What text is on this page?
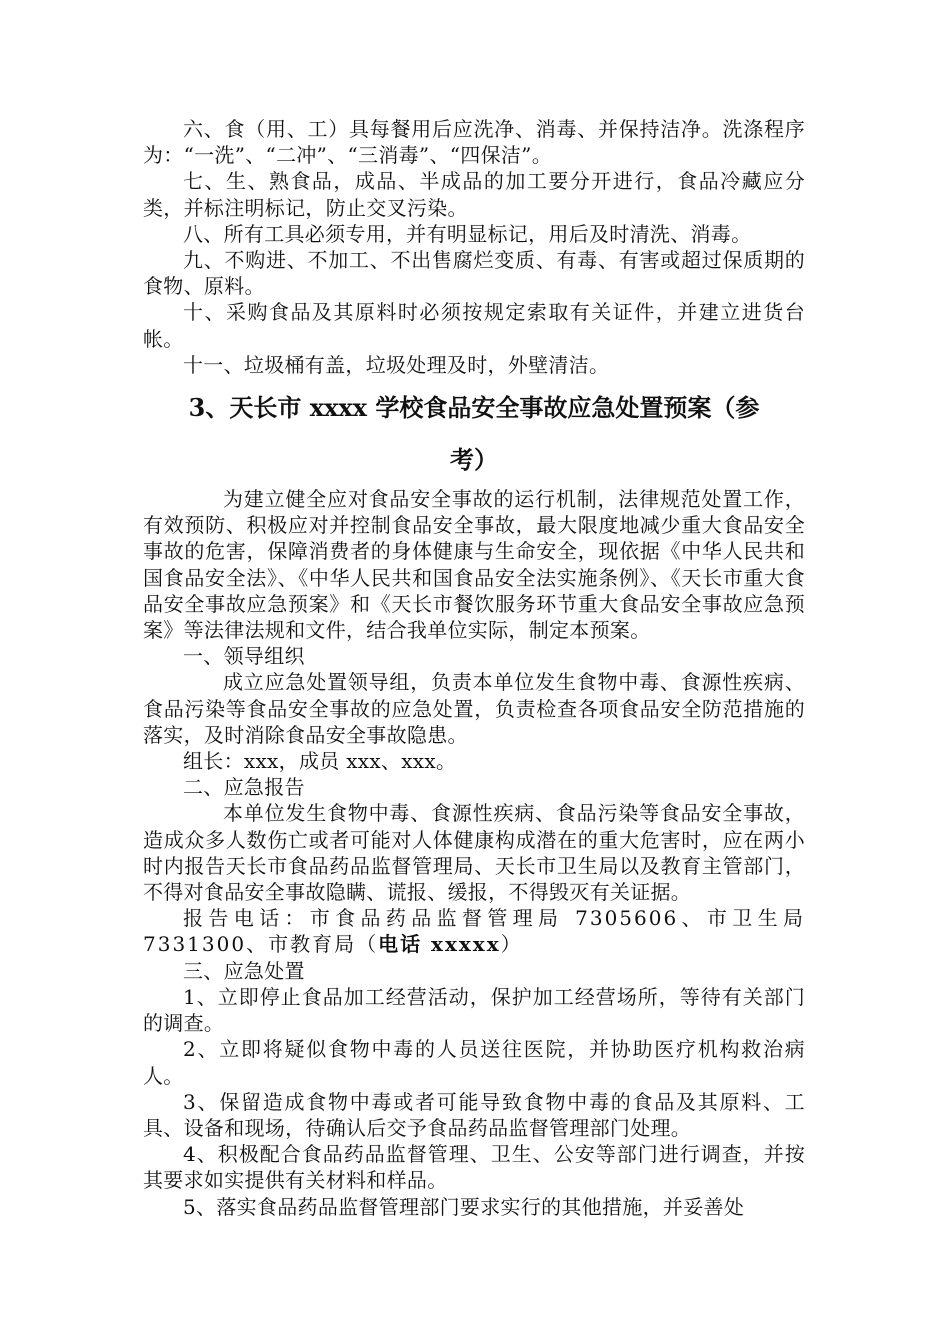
六、食（用、工）具每餐用后应洗净、消毒、并保持洁净。洗涤程序为：“一洗”、“二冲”、“三消毒”、“四保洁”。

七、生、熟食品，成品、半成品的加工要分开进行，食品冷藏应分类，并标注明标记，防止交叉污染。

八、所有工具必须专用，并有明显标记，用后及时清洗、消毒。

九、不购进、不加工、不出售腐烂变质、有毒、有害或超过保质期的食物、原料。

十、采购食品及其原料时必须按规定索取有关证件，并建立进货台帐。

十一、垃圾桶有盖，垃圾处理及时，外壁清洁。

3、天长市 xxxx 学校食品安全事故应急处置预案（参
考）

为建立健全应对食品安全事故的运行机制，法律规范处置工作，有效预防、积极应对并控制食品安全事故，最大限度地减少重大食品安全事故的危害，保障消费者的身体健康与生命安全，现依据《中华人民共和国食品安全法》、《中华人民共和国食品安全法实施条例》、《天长市重大食品安全事故应急预案》和《天长市餐饮服务环节重大食品安全事故应急预案》等法律法规和文件，结合我单位实际，制定本预案。

一、领导组织

成立应急处置领导组，负责本单位发生食物中毒、食源性疾病、食品污染等食品安全事故的应急处置，负责检查各项食品安全防范措施的落实，及时消除食品安全事故隐患。

组长：xxx，成员 xxx、xxx。

二、应急报告

本单位发生食物中毒、食源性疾病、食品污染等食品安全事故，造成众多人数伤亡或者可能对人体健康构成潜在的重大危害时，应在两小时内报告天长市食品药品监督管理局、天长市卫生局以及教育主管部门，不得对食品安全事故隐瞒、谎报、缓报，不得毁灭有关证据。

报告电话：市食品药品监督管理局 7305606、市卫生局 7331300、市教育局（电话 xxxxx）

三、应急处置

1、立即停止食品加工经营活动，保护加工经营场所，等待有关部门的调查。

2、立即将疑似食物中毒的人员送往医院，并协助医疗机构救治病人。

3、保留造成食物中毒或者可能导致食物中毒的食品及其原料、工具、设备和现场，待确认后交予食品药品监督管理部门处理。

4、积极配合食品药品监督管理、卫生、公安等部门进行调查，并按其要求如实提供有关材料和样品。

5、落实食品药品监督管理部门要求实行的其他措施，并妥善处
